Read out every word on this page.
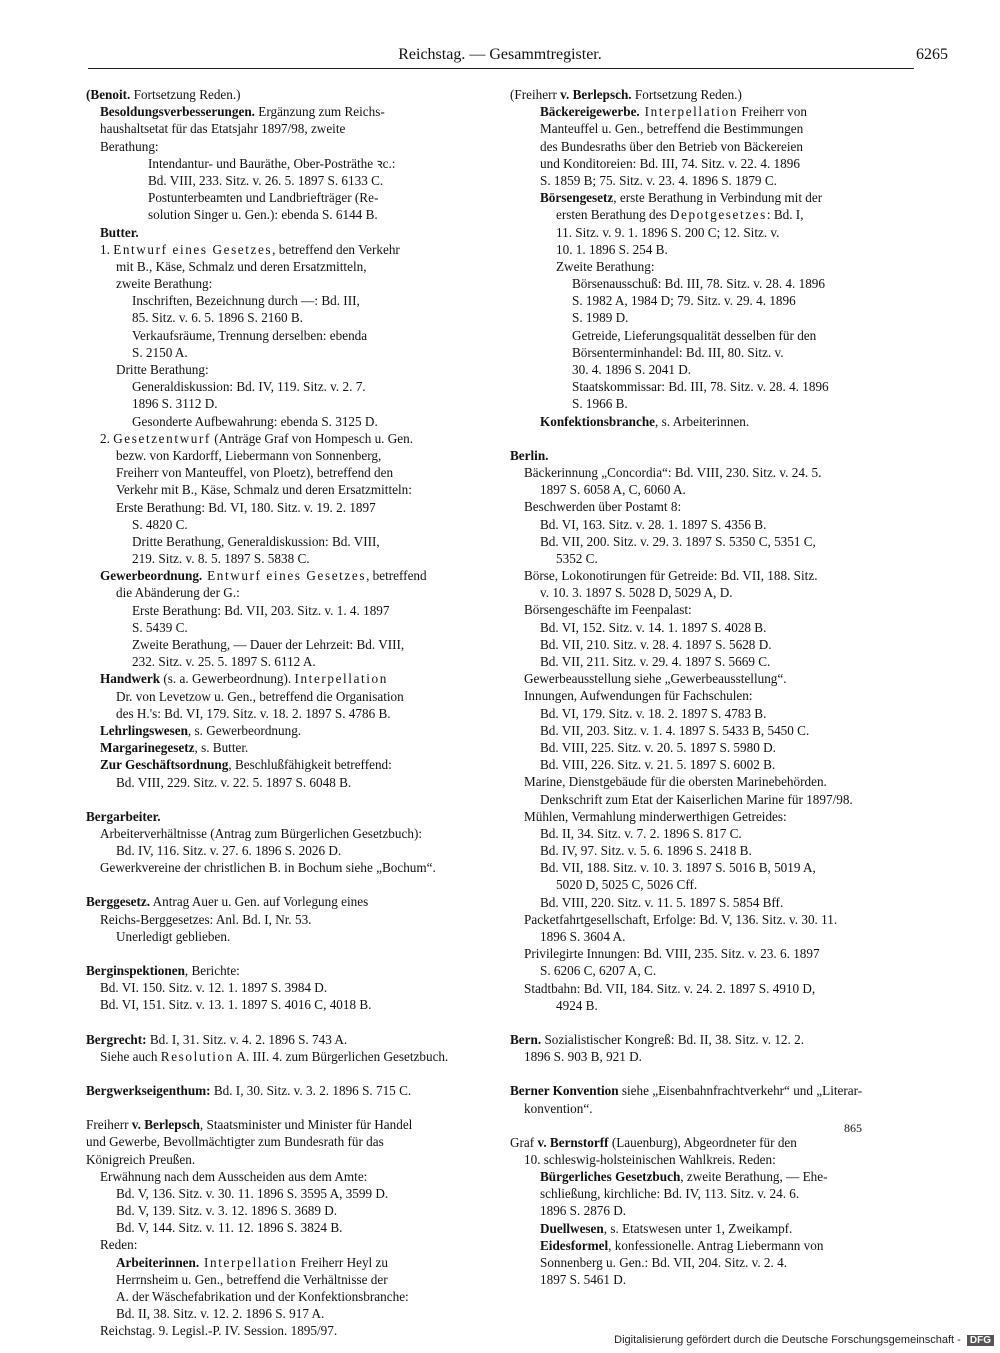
Reichstag. — Gesammtregister.	6265
(Benoit. Fortsetzung Reden.)
Besoldungsverbesserungen. Ergänzung zum Reichs-
haushaltsetat für das Etatsjahr 1897/98, zweite
Berathung:
Intendantur- und Bauräthe, Ober-Posträthe ꝛc.:
Bd. VIII, 233. Sitz. v. 26. 5. 1897 S. 6133 C.
Postunterbeamten und Landbriefträger (Re-
solution Singer u. Gen.): ebenda S. 6144 B.
Butter.
1. Entwurf eines Gesetzes, betreffend den Verkehr
mit B., Käse, Schmalz und deren Ersatzmitteln,
zweite Berathung:
Inschriften, Bezeichnung durch —: Bd. III,
85. Sitz. v. 6. 5. 1896 S. 2160 B.
Verkaufsräume, Trennung derselben: ebenda
S. 2150 A.
Dritte Berathung:
Generaldiskussion: Bd. IV, 119. Sitz. v. 2. 7.
1896 S. 3112 D.
Gesonderte Aufbewahrung: ebenda S. 3125 D.
2. Gesetzentwurf (Anträge Graf von Hompesch u. Gen.
bezw. von Kardorff, Liebermann von Sonnenberg,
Freiherr von Manteuffel, von Ploetz), betreffend den
Verkehr mit B., Käse, Schmalz und deren Ersatzmitteln:
Erste Berathung: Bd. VI, 180. Sitz. v. 19. 2. 1897
S. 4820 C.
Dritte Berathung, Generaldiskussion: Bd. VIII,
219. Sitz. v. 8. 5. 1897 S. 5838 C.
Gewerbeordnung. Entwurf eines Gesetzes, betreffend
die Abänderung der G.:
Erste Berathung: Bd. VII, 203. Sitz. v. 1. 4. 1897
S. 5439 C.
Zweite Berathung, — Dauer der Lehrzeit: Bd. VIII,
232. Sitz. v. 25. 5. 1897 S. 6112 A.
Handwerk (s. a. Gewerbeordnung). Interpellation
Dr. von Levetzow u. Gen., betreffend die Organisation
des H.'s: Bd. VI, 179. Sitz. v. 18. 2. 1897 S. 4786 B.
Lehrlingswesen, s. Gewerbeordnung.
Margarinegesetz, s. Butter.
Zur Geschäftsordnung, Beschlußfähigkeit betreffend:
Bd. VIII, 229. Sitz. v. 22. 5. 1897 S. 6048 B.
Bergarbeiter.
Arbeiterverhältnisse (Antrag zum Bürgerlichen Gesetzbuch):
Bd. IV, 116. Sitz. v. 27. 6. 1896 S. 2026 D.
Gewerkvereine der christlichen B. in Bochum siehe „Bochum“.
Berggesetz. Antrag Auer u. Gen. auf Vorlegung eines
Reichs-Berggesetzes: Anl. Bd. I, Nr. 53.
Unerledigt geblieben.
Berginspektionen, Berichte:
Bd. VI. 150. Sitz. v. 12. 1. 1897 S. 3984 D.
Bd. VI, 151. Sitz. v. 13. 1. 1897 S. 4016 C, 4018 B.
Bergrecht: Bd. I, 31. Sitz. v. 4. 2. 1896 S. 743 A.
Siehe auch Resolution A. III. 4. zum Bürgerlichen Gesetzbuch.
Bergwerkseigenthum: Bd. I, 30. Sitz. v. 3. 2. 1896 S. 715 C.
Freiherr v. Berlepsch, Staatsminister und Minister für Handel
und Gewerbe, Bevollmächtigter zum Bundesrath für das
Königreich Preußen.
Erwähnung nach dem Ausscheiden aus dem Amte:
Bd. V, 136. Sitz. v. 30. 11. 1896 S. 3595 A, 3599 D.
Bd. V, 139. Sitz. v. 3. 12. 1896 S. 3689 D.
Bd. V, 144. Sitz. v. 11. 12. 1896 S. 3824 B.
Reden:
Arbeiterinnen. Interpellation Freiherr Heyl zu
Herrnsheim u. Gen., betreffend die Verhältnisse der
A. der Wäschefabrikation und der Konfektionsbranche:
Bd. II, 38. Sitz. v. 12. 2. 1896 S. 917 A.
Reichstag. 9. Legisl.-P. IV. Session. 1895/97.
(Freiherr v. Berlepsch. Fortsetzung Reden.)
Bäckereigewerbe. Interpellation Freiherr von
Manteuffel u. Gen., betreffend die Bestimmungen
des Bundesraths über den Betrieb von Bäckereien
und Konditoreien: Bd. III, 74. Sitz. v. 22. 4. 1896
S. 1859 B; 75. Sitz. v. 23. 4. 1896 S. 1879 C.
Börsengesetz, erste Berathung in Verbindung mit der
ersten Berathung des Depotgesetzes: Bd. I,
11. Sitz. v. 9. 1. 1896 S. 200 C; 12. Sitz. v.
10. 1. 1896 S. 254 B.
Zweite Berathung:
Börsenausschuß: Bd. III, 78. Sitz. v. 28. 4. 1896
S. 1982 A, 1984 D; 79. Sitz. v. 29. 4. 1896
S. 1989 D.
Getreide, Lieferungsqualität desselben für den
Börsenterminhandel: Bd. III, 80. Sitz. v.
30. 4. 1896 S. 2041 D.
Staatskommissar: Bd. III, 78. Sitz. v. 28. 4. 1896
S. 1966 B.
Konfektionsbranche, s. Arbeiterinnen.
Berlin.
Bäckerinnung „Concordia“: Bd. VIII, 230. Sitz. v. 24. 5.
1897 S. 6058 A, C, 6060 A.
Beschwerden über Postamt 8:
Bd. VI, 163. Sitz. v. 28. 1. 1897 S. 4356 B.
Bd. VII, 200. Sitz. v. 29. 3. 1897 S. 5350 C, 5351 C,
5352 C.
Börse, Lokonotirungen für Getreide: Bd. VII, 188. Sitz.
v. 10. 3. 1897 S. 5028 D, 5029 A, D.
Börsengeschäfte im Feenpalast:
Bd. VI, 152. Sitz. v. 14. 1. 1897 S. 4028 B.
Bd. VII, 210. Sitz. v. 28. 4. 1897 S. 5628 D.
Bd. VII, 211. Sitz. v. 29. 4. 1897 S. 5669 C.
Gewerbeausstellung siehe „Gewerbeausstellung“.
Innungen, Aufwendungen für Fachschulen:
Bd. VI, 179. Sitz. v. 18. 2. 1897 S. 4783 B.
Bd. VII, 203. Sitz. v. 1. 4. 1897 S. 5433 B, 5450 C.
Bd. VIII, 225. Sitz. v. 20. 5. 1897 S. 5980 D.
Bd. VIII, 226. Sitz. v. 21. 5. 1897 S. 6002 B.
Marine, Dienstgebäude für die obersten Marinebehörden.
Denkschrift zum Etat der Kaiserlichen Marine für 1897/98.
Mühlen, Vermahlung minderwerthigen Getreides:
Bd. II, 34. Sitz. v. 7. 2. 1896 S. 817 C.
Bd. IV, 97. Sitz. v. 5. 6. 1896 S. 2418 B.
Bd. VII, 188. Sitz. v. 10. 3. 1897 S. 5016 B, 5019 A,
5020 D, 5025 C, 5026 Cff.
Bd. VIII, 220. Sitz. v. 11. 5. 1897 S. 5854 Bff.
Packetfahrtgesellschaft, Erfolge: Bd. V, 136. Sitz. v. 30. 11.
1896 S. 3604 A.
Privilegirte Innungen: Bd. VIII, 235. Sitz. v. 23. 6. 1897
S. 6206 C, 6207 A, C.
Stadtbahn: Bd. VII, 184. Sitz. v. 24. 2. 1897 S. 4910 D,
4924 B.
Bern. Sozialistischer Kongreß: Bd. II, 38. Sitz. v. 12. 2.
1896 S. 903 B, 921 D.
Berner Konvention siehe „Eisenbahnfrachtverkehr“ und „Literar-
konvention“.
Graf v. Bernstorff (Lauenburg), Abgeordneter für den
10. schleswig-holsteinischen Wahlkreis. Reden:
Bürgerliches Gesetzbuch, zweite Berathung, — Ehe-
schließung, kirchliche: Bd. IV, 113. Sitz. v. 24. 6.
1896 S. 2876 D.
Duellwesen, s. Etatswesen unter 1, Zweikampf.
Eidesformel, konfessionelle. Antrag Liebermann von
Sonnenberg u. Gen.: Bd. VII, 204. Sitz. v. 2. 4.
1897 S. 5461 D.
865
Digitalisierung gefördert durch die Deutsche Forschungsgemeinschaft - DFG
